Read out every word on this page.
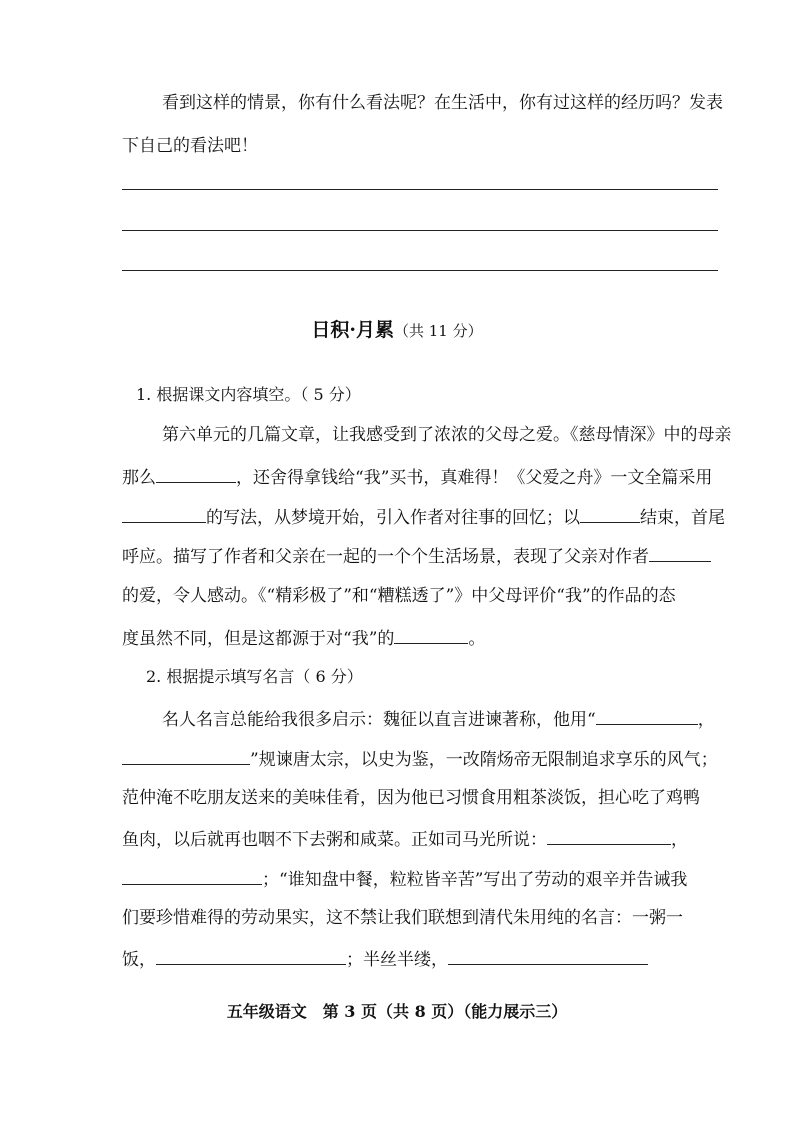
看到这样的情景，你有什么看法呢？在生活中，你有过这样的经历吗？发表
下自己的看法吧！
日积·月累（共 11 分）
1. 根据课文内容填空。（ 5 分）
第六单元的几篇文章，让我感受到了浓浓的父母之爱。《慈母情深》中的母亲
那么	，还舍得拿钱给“我”买书，真难得！《父爱之舟》一文全篇采用
的写法，从梦境开始，引入作者对往事的回忆；以	结束，首尾
呼应。描写了作者和父亲在一起的一个个生活场景，表现了父亲对作者
的爱，令人感动。《“精彩极了”和“糟糕透了”》中父母评价“我”的作品的态
度虽然不同，但是这都源于对“我”的	。
2. 根据提示填写名言（ 6 分）
名人名言总能给我很多启示：魏征以直言进谏著称，他用“	，
”规谏唐太宗，以史为鉴，一改隋炀帝无限制追求享乐的风气；
范仲淹不吃朋友送来的美味佳肴，因为他已习惯食用粗茶淡饭，担心吃了鸡鸭
鱼肉，以后就再也咽不下去粥和咸菜。正如司马光所说：	，
；“谁知盘中餐，粒粒皆辛苦”写出了劳动的艰辛并告诫我
们要珍惜难得的劳动果实，这不禁让我们联想到清代朱用纯的名言：一粥一
饭，	；半丝半缕，
五年级语文　第 3 页（共 8 页）（能力展示三）
